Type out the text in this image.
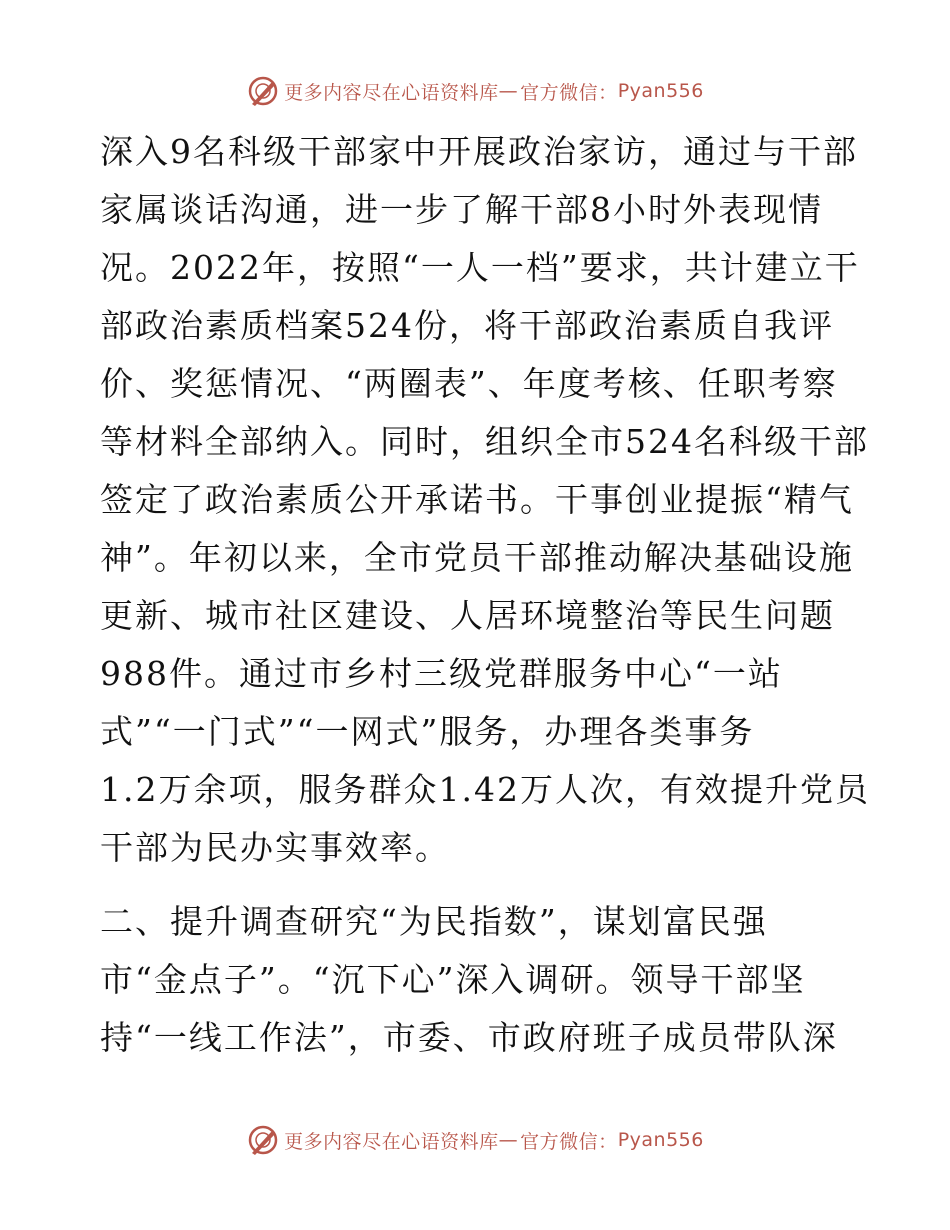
更多内容尽在心语资料库 — 官方微信： Pyan556
深入9名科级干部家中开展政治家访，通过与干部
家属谈话沟通，进一步了解干部8小时外表现情
况。2022年，按照“一人一档”要求，共计建立干
部政治素质档案524份，将干部政治素质自我评
价、奖惩情况、“两圈表”、年度考核、任职考察
等材料全部纳入。同时，组织全市524名科级干部
签定了政治素质公开承诺书。干事创业提振“精气
神”。年初以来，全市党员干部推动解决基础设施
更新、城市社区建设、人居环境整治等民生问题
988件。通过市乡村三级党群服务中心“一站
式”“一门式”“一网式”服务，办理各类事务
1.2万余项，服务群众1.42万人次，有效提升党员
干部为民办实事效率。
二、提升调查研究“为民指数”，谋划富民强
市“金点子”。“沉下心”深入调研。领导干部坚
持“一线工作法”，市委、市政府班子成员带队深
更多内容尽在心语资料库 — 官方微信： Pyan556
